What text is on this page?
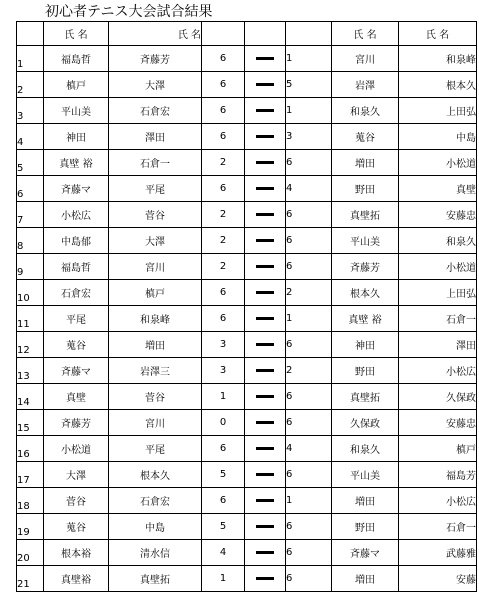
初心者テニス大会試合結果
	氏 名	氏 名				氏 名	氏 名
1	福島哲	斉藤芳	6		1	宮川	和泉峰
2	槙戸	大澤	6		5	岩澤	根本久
3	平山美	石倉宏	6		1	和泉久	上田弘
4	神田	澤田	6		3	蒐谷	中島
5	真壁 裕	石倉一	2		6	増田	小松道
6	斉藤マ	平尾	6		4	野田	真壁
7	小松広	菅谷	2		6	真壁拓	安藤忠
8	中島郁	大澤	2		6	平山美	和泉久
9	福島哲	宮川	2		6	斉藤芳	小松道
10	石倉宏	槙戸	6		2	根本久	上田弘
11	平尾	和泉峰	6		1	真壁 裕	石倉一
12	蒐谷	増田	3		6	神田	澤田
13	斉藤マ	岩澤三	3		2	野田	小松広
14	真壁	菅谷	1		6	真壁拓	久保政
15	斉藤芳	宮川	0		6	久保政	安藤忠
16	小松道	平尾	6		4	和泉久	槙戸
17	大澤	根本久	5		6	平山美	福島芳
18	菅谷	石倉宏	6		1	増田	小松広
19	蒐谷	中島	5		6	野田	石倉一
20	根本裕	清水信	4		6	斉藤マ	武藤雅
21	真壁裕	真壁拓	1		6	増田	安藤
